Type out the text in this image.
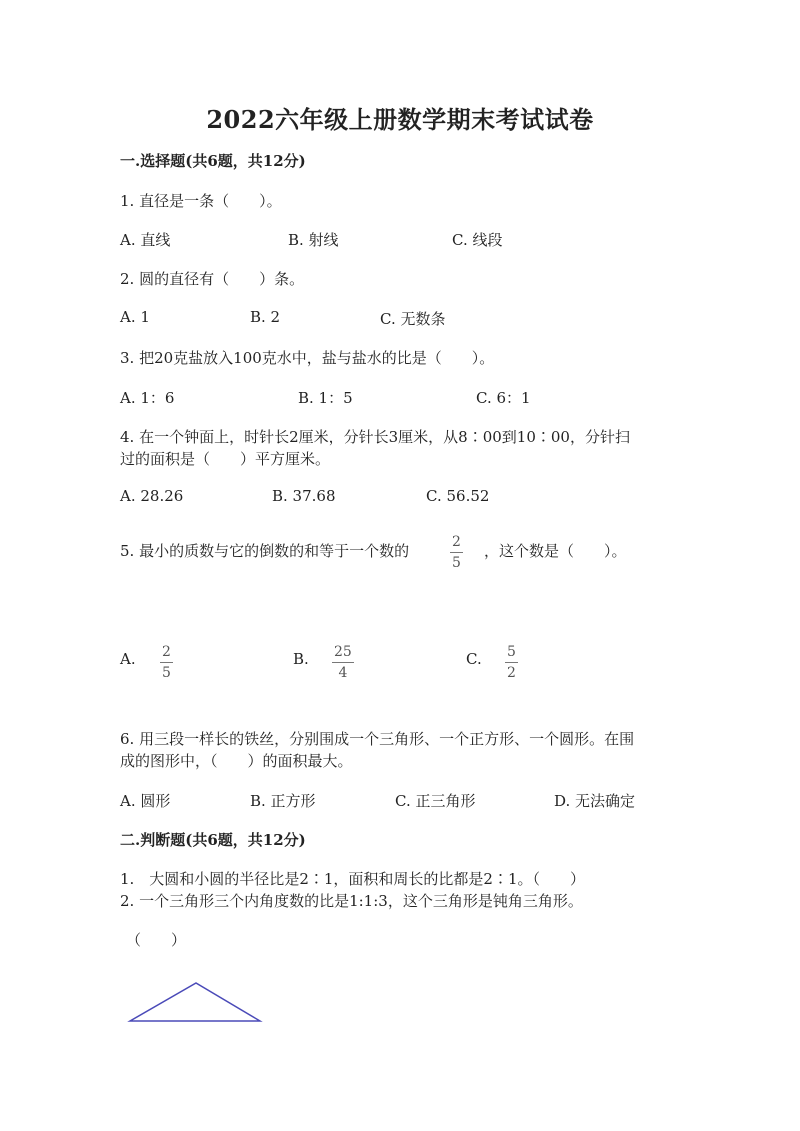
2022六年级上册数学期末考试试卷
一.选择题(共6题，共12分)
1. 直径是一条（　　）。
A. 直线	B. 射线	C. 线段
2. 圆的直径有（　　）条。
A. 1	B. 2	C. 无数条
3. 把20克盐放入100克水中，盐与盐水的比是（　　）。
A. 1：6	B. 1：5	C. 6：1
4. 在一个钟面上，时针长2厘米，分针长3厘米，从8∶00到10∶00，分针扫
过的面积是（　　）平方厘米。
A. 28.26	B. 37.68	C. 56.52
5. 最小的质数与它的倒数的和等于一个数的	2
5
，这个数是（　　）。
A. 2
5
B. 25
4
C. 5
2
6. 用三段一样长的铁丝，分别围成一个三角形、一个正方形、一个圆形。在围
成的图形中，（　　）的面积最大。
A. 圆形	B. 正方形	C. 正三角形	D. 无法确定
二.判断题(共6题，共12分)
1.　大圆和小圆的半径比是2∶1，面积和周长的比都是2∶1。（　　）
2. 一个三角形三个内角度数的比是1:1:3，这个三角形是钝角三角形。
（　　）
